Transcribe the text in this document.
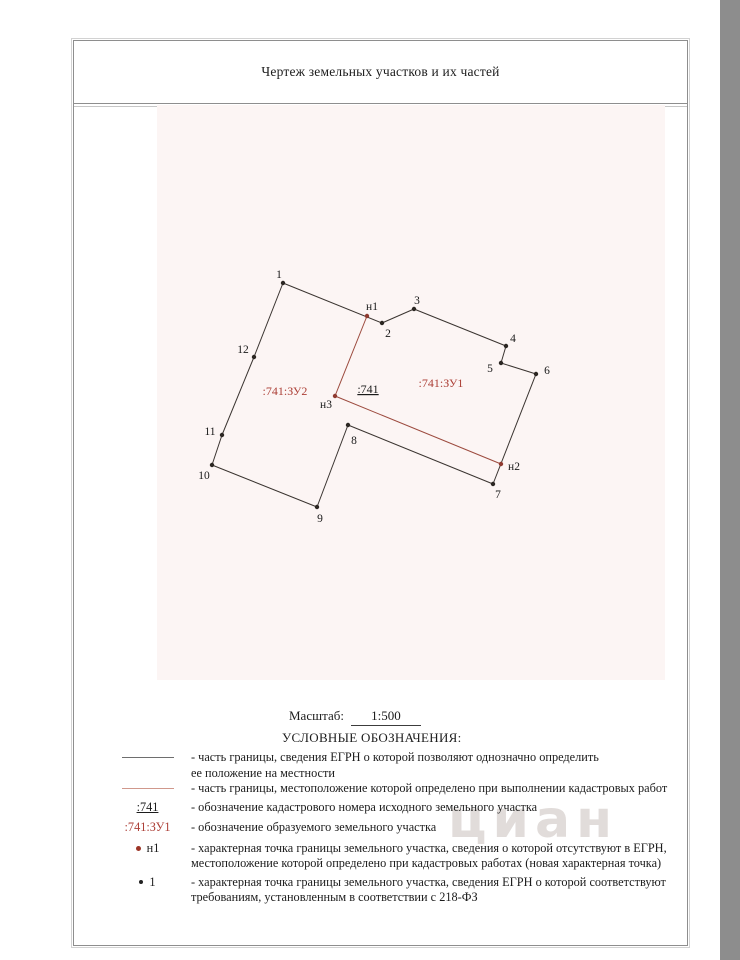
циан
Чертеж земельных участков и их частей
1
2
3
4
5	6
7
8
9
10
11
12
н1
н2
н3
:741:ЗУ2	:741	:741:ЗУ1
Масштаб: 1:500
УСЛОВНЫЕ ОБОЗНАЧЕНИЯ:
- часть границы, сведения ЕГРН о которой позволяют однозначно определить
ее положение на местности
- часть границы, местоположение которой определено при выполнении кадастровых работ
:741	- обозначение кадастрового номера исходного земельного участка
:741:ЗУ1 - обозначение образуемого земельного участка
н1	- характерная точка границы земельного участка, сведения о которой отсутствуют в ЕГРН,
местоположение которой определено при кадастровых работах (новая характерная точка)
1	- характерная точка границы земельного участка, сведения ЕГРН о которой соответствуют
требованиям, установленным в соответствии с 218-ФЗ
